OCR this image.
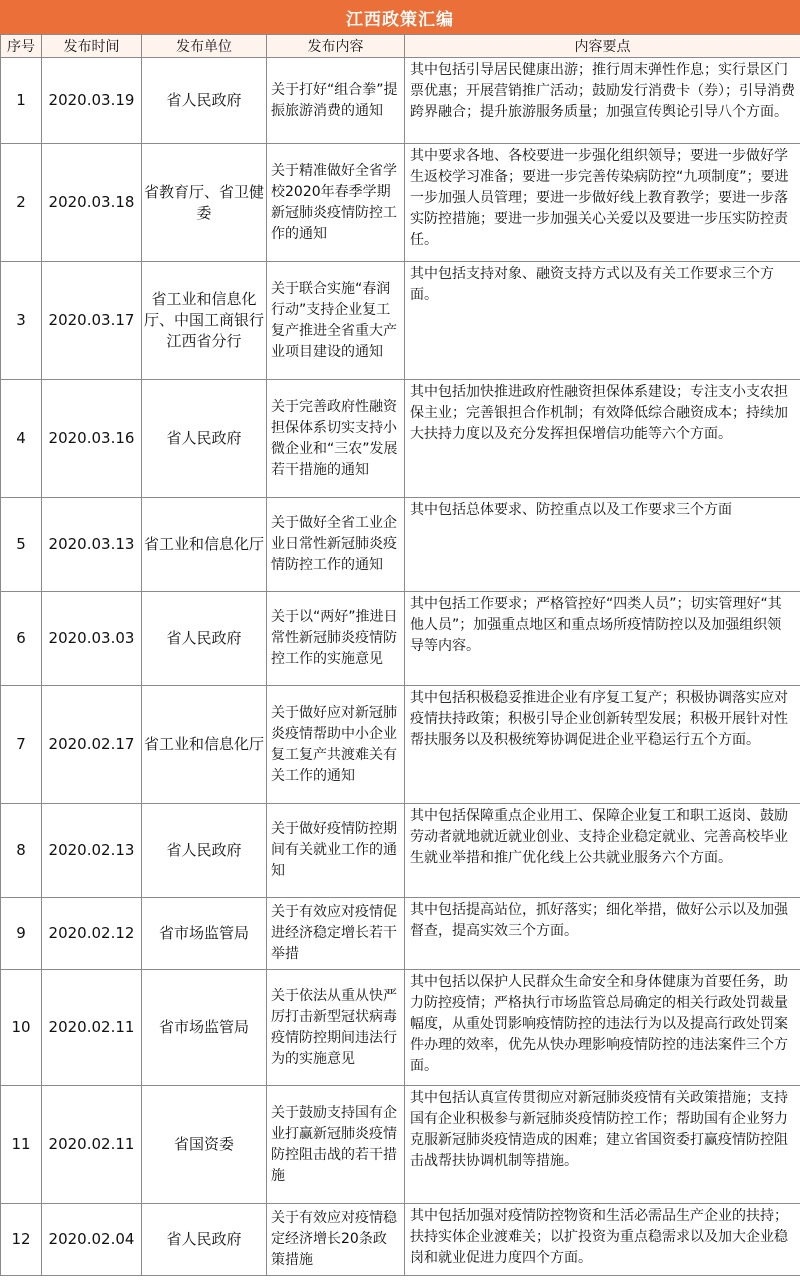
江西政策汇编
序号	发布时间	发布单位	发布内容	内容要点
1	2020.03.19	省人民政府	关于打好“组合拳”提振旅游消费的通知	其中包括引导居民健康出游；推行周末弹性作息；实行景区门票优惠；开展营销推广活动；鼓励发行消费卡（券）；引导消费跨界融合；提升旅游服务质量；加强宣传舆论引导八个方面。
2	2020.03.18	省教育厅、省卫健委	关于精准做好全省学校2020年春季学期新冠肺炎疫情防控工作的通知	其中要求各地、各校要进一步强化组织领导；要进一步做好学生返校学习准备；要进一步完善传染病防控“九项制度”；要进一步加强人员管理；要进一步做好线上教育教学；要进一步落实防控措施；要进一步加强关心关爱以及要进一步压实防控责任。
3	2020.03.17	省工业和信息化厅、中国工商银行江西省分行	关于联合实施“春润行动”支持企业复工复产推进全省重大产业项目建设的通知	其中包括支持对象、融资支持方式以及有关工作要求三个方面。
4	2020.03.16	省人民政府	关于完善政府性融资担保体系切实支持小微企业和“三农”发展若干措施的通知	其中包括加快推进政府性融资担保体系建设；专注支小支农担保主业；完善银担合作机制；有效降低综合融资成本；持续加大扶持力度以及充分发挥担保增信功能等六个方面。
5	2020.03.13	省工业和信息化厅	关于做好全省工业企业日常性新冠肺炎疫情防控工作的通知	其中包括总体要求、防控重点以及工作要求三个方面
6	2020.03.03	省人民政府	关于以“两好”推进日常性新冠肺炎疫情防控工作的实施意见	其中包括工作要求；严格管控好“四类人员”；切实管理好“其他人员”；加强重点地区和重点场所疫情防控以及加强组织领导等内容。
7	2020.02.17	省工业和信息化厅	关于做好应对新冠肺炎疫情帮助中小企业复工复产共渡难关有关工作的通知	其中包括积极稳妥推进企业有序复工复产；积极协调落实应对疫情扶持政策；积极引导企业创新转型发展；积极开展针对性帮扶服务以及积极统筹协调促进企业平稳运行五个方面。
8	2020.02.13	省人民政府	关于做好疫情防控期间有关就业工作的通知	其中包括保障重点企业用工、保障企业复工和职工返岗、鼓励劳动者就地就近就业创业、支持企业稳定就业、完善高校毕业生就业举措和推广优化线上公共就业服务六个方面。
9	2020.02.12	省市场监管局	关于有效应对疫情促进经济稳定增长若干举措	其中包括提高站位，抓好落实；细化举措，做好公示以及加强督查，提高实效三个方面。
10	2020.02.11	省市场监管局	关于依法从重从快严厉打击新型冠状病毒疫情防控期间违法行为的实施意见	其中包括以保护人民群众生命安全和身体健康为首要任务，助力防控疫情；严格执行市场监管总局确定的相关行政处罚裁量幅度，从重处罚影响疫情防控的违法行为以及提高行政处罚案件办理的效率，优先从快办理影响疫情防控的违法案件三个方面。
11	2020.02.11	省国资委	关于鼓励支持国有企业打赢新冠肺炎疫情防控阻击战的若干措施	其中包括认真宣传贯彻应对新冠肺炎疫情有关政策措施；支持国有企业积极参与新冠肺炎疫情防控工作；帮助国有企业努力克服新冠肺炎疫情造成的困难；建立省国资委打赢疫情防控阻击战帮扶协调机制等措施。
12	2020.02.04	省人民政府	关于有效应对疫情稳定经济增长20条政策措施	其中包括加强对疫情防控物资和生活必需品生产企业的扶持；扶持实体企业渡难关；以扩投资为重点稳需求以及加大企业稳岗和就业促进力度四个方面。
